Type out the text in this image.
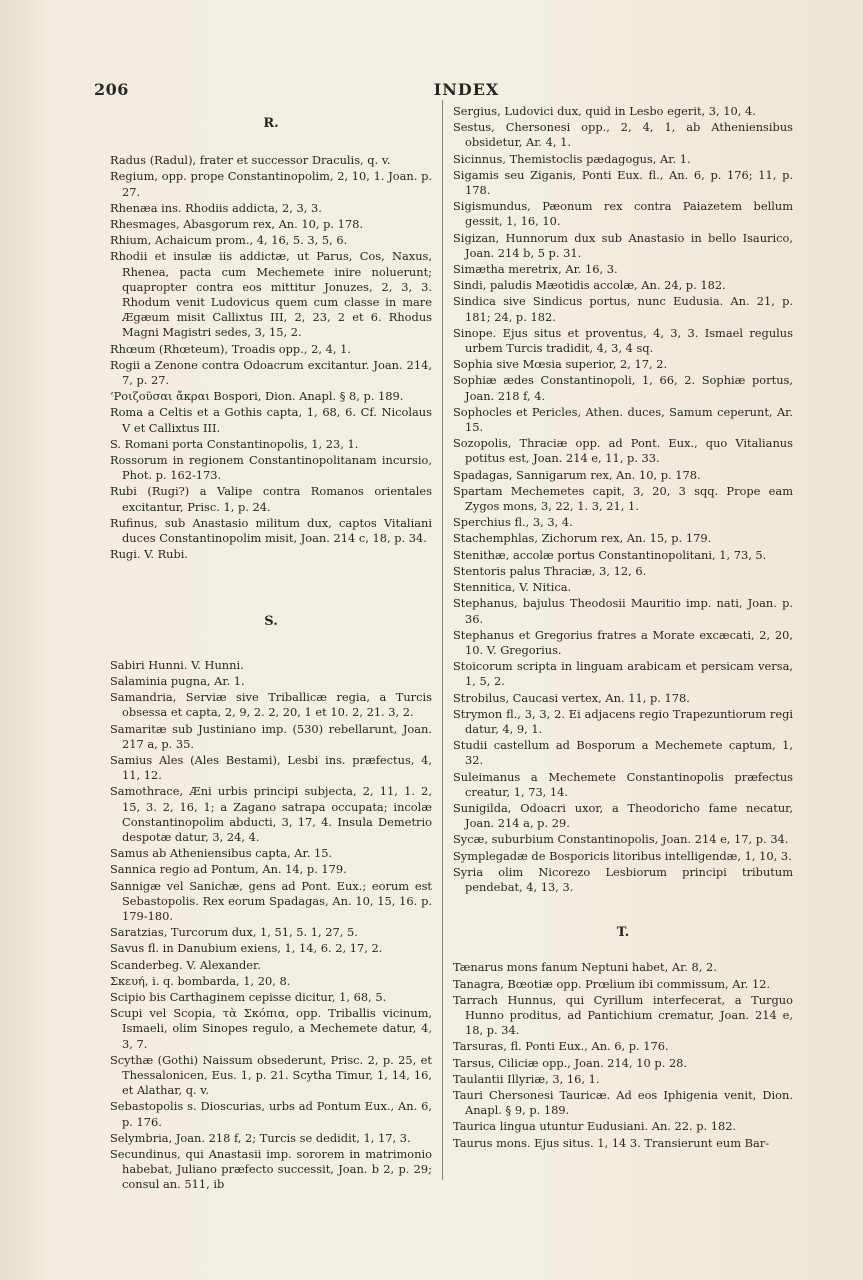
206	INDEX
R.

Radus (Radul), frater et successor Draculis, q. v.

Regium, opp. prope Constantinopolim, 2, 10, 1. Joan. p. 27.

Rhenæa ins. Rhodiis addicta, 2, 3, 3.

Rhesmages, Abasgorum rex, An. 10, p. 178.

Rhium, Achaicum prom., 4, 16, 5. 3, 5, 6.

Rhodii et insulæ iis addictæ, ut Parus, Cos, Naxus, Rhenea, pacta cum Mechemete inire noluerunt; quapropter contra eos mittitur Jonuzes, 2, 3, 3. Rhodum venit Ludovicus quem cum classe in mare Ægæum misit Callixtus III, 2, 23, 2 et 6. Rhodus Magni Magistri sedes, 3, 15, 2.

Rhœum (Rhœteum), Troadis opp., 2, 4, 1.

Rogii a Zenone contra Odoacrum excitantur. Joan. 214, 7, p. 27.

ʻΡοιζοῦσαι ἄκραι Bospori, Dion. Anapl. § 8, p. 189.

Roma a Celtis et a Gothis capta, 1, 68, 6. Cf. Nicolaus V et Callixtus III.

S. Romani porta Constantinopolis, 1, 23, 1.

Rossorum in regionem Constantinopolitanam incursio, Phot. p. 162-173.

Rubi (Rugi?) a Valipe contra Romanos orientales excitantur, Prisc. 1, p. 24.

Rufinus, sub Anastasio militum dux, captos Vitaliani duces Constantinopolim misit, Joan. 214 c, 18, p. 34.

Rugi. V. Rubi.

S.

Sabiri Hunni. V. Hunni.

Salaminia pugna, Ar. 1.

Samandria, Serviæ sive Triballicæ regia, a Turcis obsessa et capta, 2, 9, 2. 2, 20, 1 et 10. 2, 21. 3, 2.

Samaritæ sub Justiniano imp. (530) rebellarunt, Joan. 217 a, p. 35.

Samius Ales (Ales Bestami), Lesbi ins. præfectus, 4, 11, 12.

Samothrace, Æni urbis principi subjecta, 2, 11, 1. 2, 15, 3. 2, 16, 1; a Zagano satrapa occupata; incolæ Constantinopolim abducti, 3, 17, 4. Insula Demetrio despotæ datur, 3, 24, 4.

Samus ab Atheniensibus capta, Ar. 15.

Sannica regio ad Pontum, An. 14, p. 179.

Sannigæ vel Sanichæ, gens ad Pont. Eux.; eorum est Sebastopolis. Rex eorum Spadagas, An. 10, 15, 16. p. 179-180.

Saratzias, Turcorum dux, 1, 51, 5. 1, 27, 5.

Savus fl. in Danubium exiens, 1, 14, 6. 2, 17, 2.

Scanderbeg. V. Alexander.

Σκευή, i. q. bombarda, 1, 20, 8.

Scipio bis Carthaginem cepisse dicitur, 1, 68, 5.

Scupi vel Scopia, τὰ Σκόπια, opp. Triballis vicinum, Ismaeli, olim Sinopes regulo, a Mechemete datur, 4, 3, 7.

Scythæ (Gothi) Naissum obsederunt, Prisc. 2, p. 25, et Thessalonicen, Eus. 1, p. 21. Scytha Timur, 1, 14, 16, et Alathar, q. v.

Sebastopolis s. Dioscurias, urbs ad Pontum Eux., An. 6, p. 176.

Selymbria, Joan. 218 f, 2; Turcis se dedidit, 1, 17, 3.

Secundinus, qui Anastasii imp. sororem in matrimonio habebat, Juliano præfecto successit, Joan. b 2, p. 29; consul an. 511, ib

Sergius, Ludovici dux, quid in Lesbo egerit, 3, 10, 4.

Sestus, Chersonesi opp., 2, 4, 1, ab Atheniensibus obsidetur, Ar. 4, 1.

Sicinnus, Themistoclis pædagogus, Ar. 1.

Sigamis seu Ziganis, Ponti Eux. fl., An. 6, p. 176; 11, p. 178.

Sigismundus, Pæonum rex contra Paiazetem bellum gessit, 1, 16, 10.

Sigizan, Hunnorum dux sub Anastasio in bello Isaurico, Joan. 214 b, 5 p. 31.

Simætha meretrix, Ar. 16, 3.

Sindi, paludis Mæotidis accolæ, An. 24, p. 182.

Sindica sive Sindicus portus, nunc Eudusia. An. 21, p. 181; 24, p. 182.

Sinope. Ejus situs et proventus, 4, 3, 3. Ismael regulus urbem Turcis tradidit, 4, 3, 4 sq.

Sophia sive Mœsia superior, 2, 17, 2.

Sophiæ ædes Constantinopoli, 1, 66, 2. Sophiæ portus, Joan. 218 f, 4.

Sophocles et Pericles, Athen. duces, Samum ceperunt, Ar. 15.

Sozopolis, Thraciæ opp. ad Pont. Eux., quo Vitalianus potitus est, Joan. 214 e, 11, p. 33.

Spadagas, Sannigarum rex, An. 10, p. 178.

Spartam Mechemetes capit, 3, 20, 3 sqq. Prope eam Zygos mons, 3, 22, 1. 3, 21, 1.

Sperchius fl., 3, 3, 4.

Stachemphlas, Zichorum rex, An. 15, p. 179.

Stenithæ, accolæ portus Constantinopolitani, 1, 73, 5.

Stentoris palus Thraciæ, 3, 12, 6.

Stennitica, V. Nitica.

Stephanus, bajulus Theodosii Mauritio imp. nati, Joan. p. 36.

Stephanus et Gregorius fratres a Morate excæcati, 2, 20, 10. V. Gregorius.

Stoicorum scripta in linguam arabicam et persicam versa, 1, 5, 2.

Strobilus, Caucasi vertex, An. 11, p. 178.

Strymon fl., 3, 3, 2. Ei adjacens regio Trapezuntiorum regi datur, 4, 9, 1.

Studii castellum ad Bosporum a Mechemete captum, 1, 32.

Suleimanus a Mechemete Constantinopolis præfectus creatur, 1, 73, 14.

Sunigilda, Odoacri uxor, a Theodoricho fame necatur, Joan. 214 a, p. 29.

Sycæ, suburbium Constantinopolis, Joan. 214 e, 17, p. 34.

Symplegadæ de Bosporicis litoribus intelligendæ, 1, 10, 3.

Syria olim Nicorezo Lesbiorum principi tributum pendebat, 4, 13, 3.

T.

Tænarus mons fanum Neptuni habet, Ar. 8, 2.

Tanagra, Bœotiæ opp. Prœlium ibi commissum, Ar. 12.

Tarrach Hunnus, qui Cyrillum interfecerat, a Turguo Hunno proditus, ad Pantichium crematur, Joan. 214 e, 18, p. 34.

Tarsuras, fl. Ponti Eux., An. 6, p. 176.

Tarsus, Ciliciæ opp., Joan. 214, 10 p. 28.

Taulantii Illyriæ, 3, 16, 1.

Tauri Chersonesi Tauricæ. Ad eos Iphigenia venit, Dion. Anapl. § 9, p. 189.

Taurica lingua utuntur Eudusiani. An. 22. p. 182.

Taurus mons. Ejus situs. 1, 14 3. Transierunt eum Bar-
